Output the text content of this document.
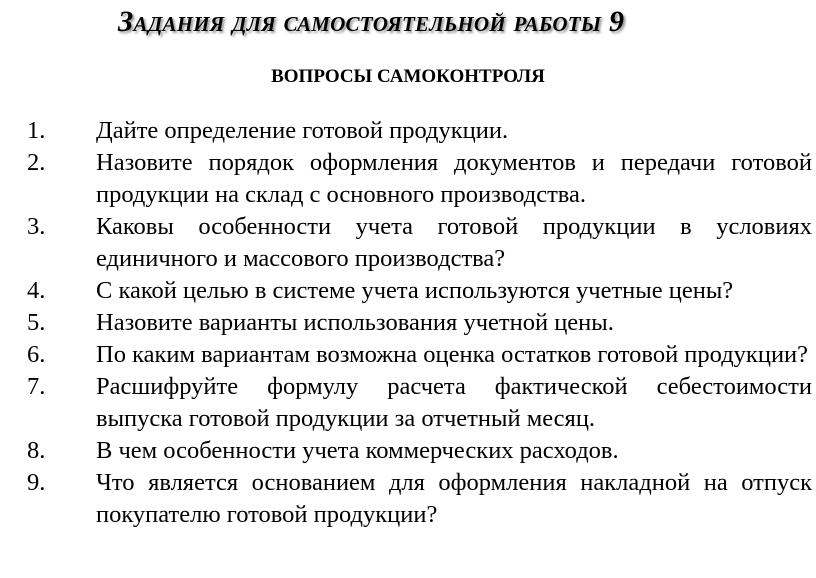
Задания для самостоятельной работы 9
ВОПРОСЫ САМОКОНТРОЛЯ
1. Дайте определение готовой продукции.
2. Назовите порядок оформления документов и передачи готовой продукции на склад с основного производства.
3. Каковы особенности учета готовой продукции в условиях единичного и массового производства?
4. С какой целью в системе учета используются учетные цены?
5. Назовите варианты использования учетной цены.
6. По каким вариантам возможна оценка остатков готовой продукции?
7. Расшифруйте формулу расчета фактической себестоимости выпуска готовой продукции за отчетный месяц.
8. В чем особенности учета коммерческих расходов.
9. Что является основанием для оформления накладной на отпуск покупателю готовой продукции?
